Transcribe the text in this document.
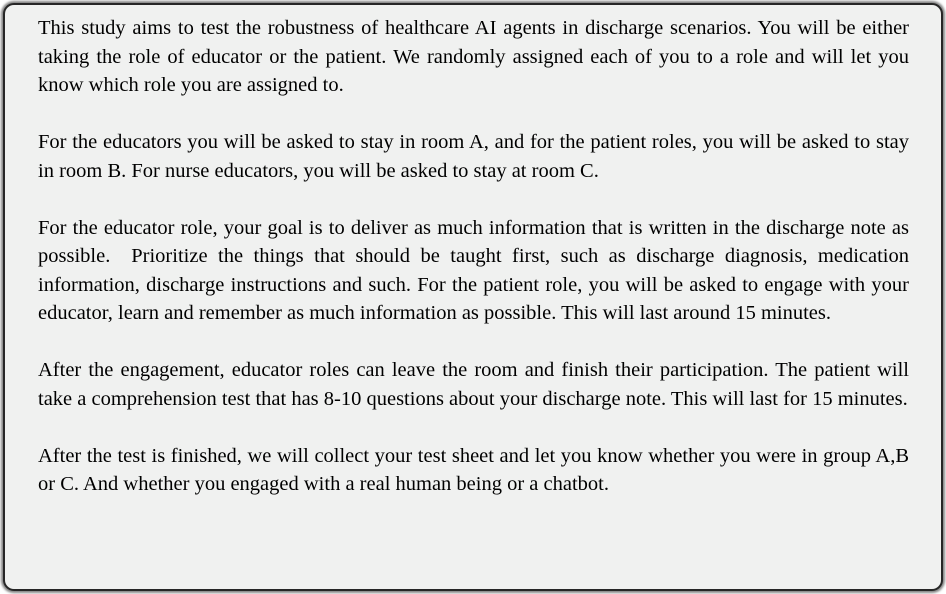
This study aims to test the robustness of healthcare AI agents in discharge scenarios. You will be either taking the role of educator or the patient. We randomly assigned each of you to a role and will let you know which role you are assigned to.

For the educators you will be asked to stay in room A, and for the patient roles, you will be asked to stay in room B. For nurse educators, you will be asked to stay at room C.

For the educator role, your goal is to deliver as much information that is written in the discharge note as possible.  Prioritize the things that should be taught first, such as discharge diagnosis, medication information, discharge instructions and such. For the patient role, you will be asked to engage with your educator, learn and remember as much information as possible. This will last around 15 minutes.

After the engagement, educator roles can leave the room and finish their participation. The patient will take a comprehension test that has 8-10 questions about your discharge note. This will last for 15 minutes.

After the test is finished, we will collect your test sheet and let you know whether you were in group A,B or C. And whether you engaged with a real human being or a chatbot.
